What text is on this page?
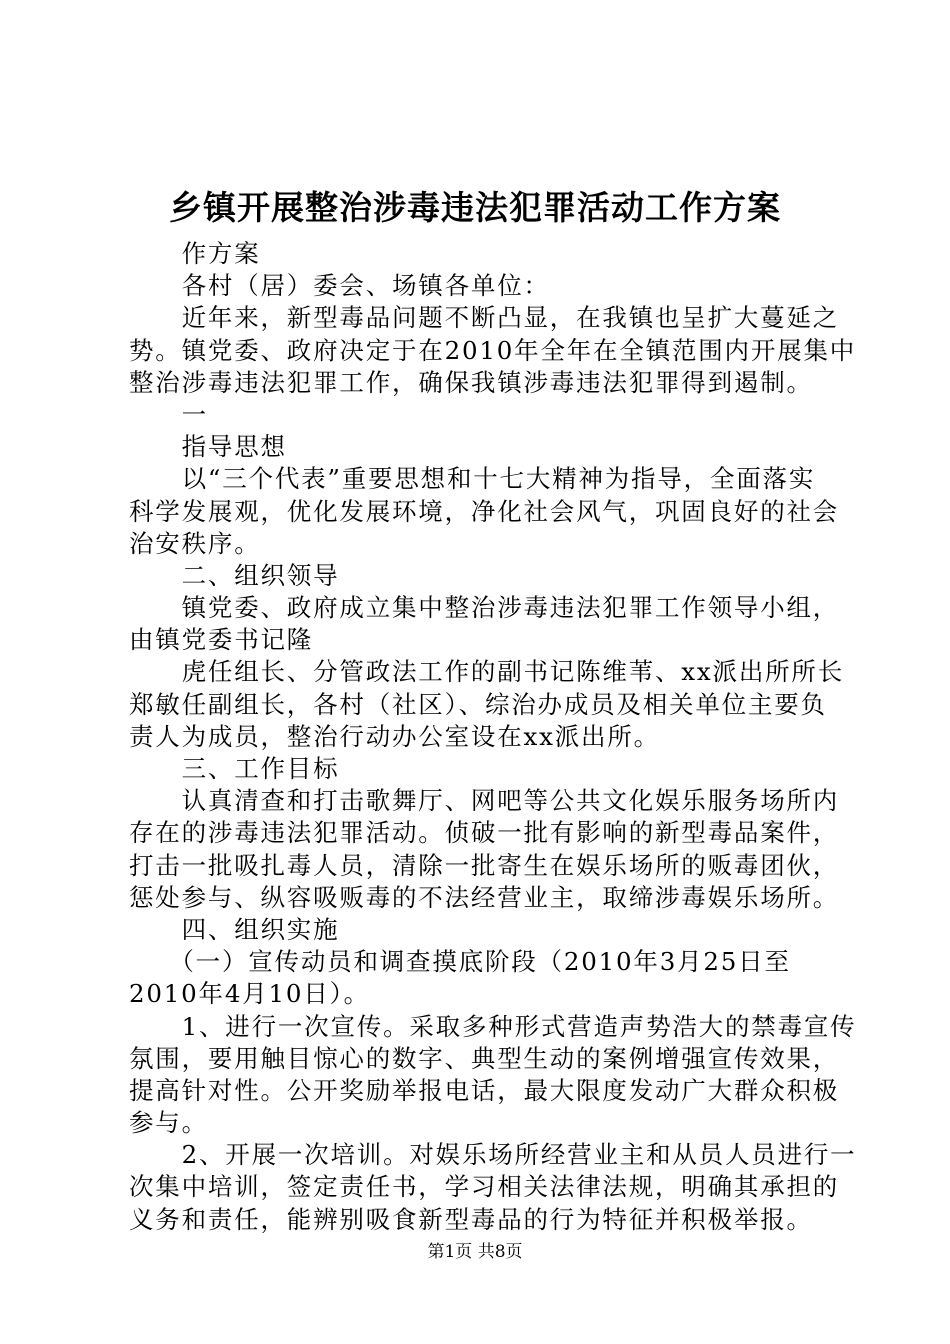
乡镇开展整治涉毒违法犯罪活动工作方案
　　作方案
　　各村（居）委会、场镇各单位：
　　近年来，新型毒品问题不断凸显，在我镇也呈扩大蔓延之
势。镇党委、政府决定于在2010年全年在全镇范围内开展集中
整治涉毒违法犯罪工作，确保我镇涉毒违法犯罪得到遏制。
　　一
　　指导思想
　　以“三个代表”重要思想和十七大精神为指导，全面落实
科学发展观，优化发展环境，净化社会风气，巩固良好的社会
治安秩序。
　　二、组织领导
　　镇党委、政府成立集中整治涉毒违法犯罪工作领导小组，
由镇党委书记隆
　　虎任组长、分管政法工作的副书记陈维苇、xx派出所所长
郑敏任副组长，各村（社区）、综治办成员及相关单位主要负
责人为成员，整治行动办公室设在xx派出所。
　　三、工作目标
　　认真清查和打击歌舞厅、网吧等公共文化娱乐服务场所内
存在的涉毒违法犯罪活动。侦破一批有影响的新型毒品案件，
打击一批吸扎毒人员，清除一批寄生在娱乐场所的贩毒团伙，
惩处参与、纵容吸贩毒的不法经营业主，取缔涉毒娱乐场所。
　　四、组织实施
　　（一）宣传动员和调查摸底阶段（2010年3月25日至
2010年4月10日）。
　　1、进行一次宣传。采取多种形式营造声势浩大的禁毒宣传
氛围，要用触目惊心的数字、典型生动的案例增强宣传效果，
提高针对性。公开奖励举报电话，最大限度发动广大群众积极
参与。
　　2、开展一次培训。对娱乐场所经营业主和从员人员进行一
次集中培训，签定责任书，学习相关法律法规，明确其承担的
义务和责任，能辨别吸食新型毒品的行为特征并积极举报。
第1页 共8页
